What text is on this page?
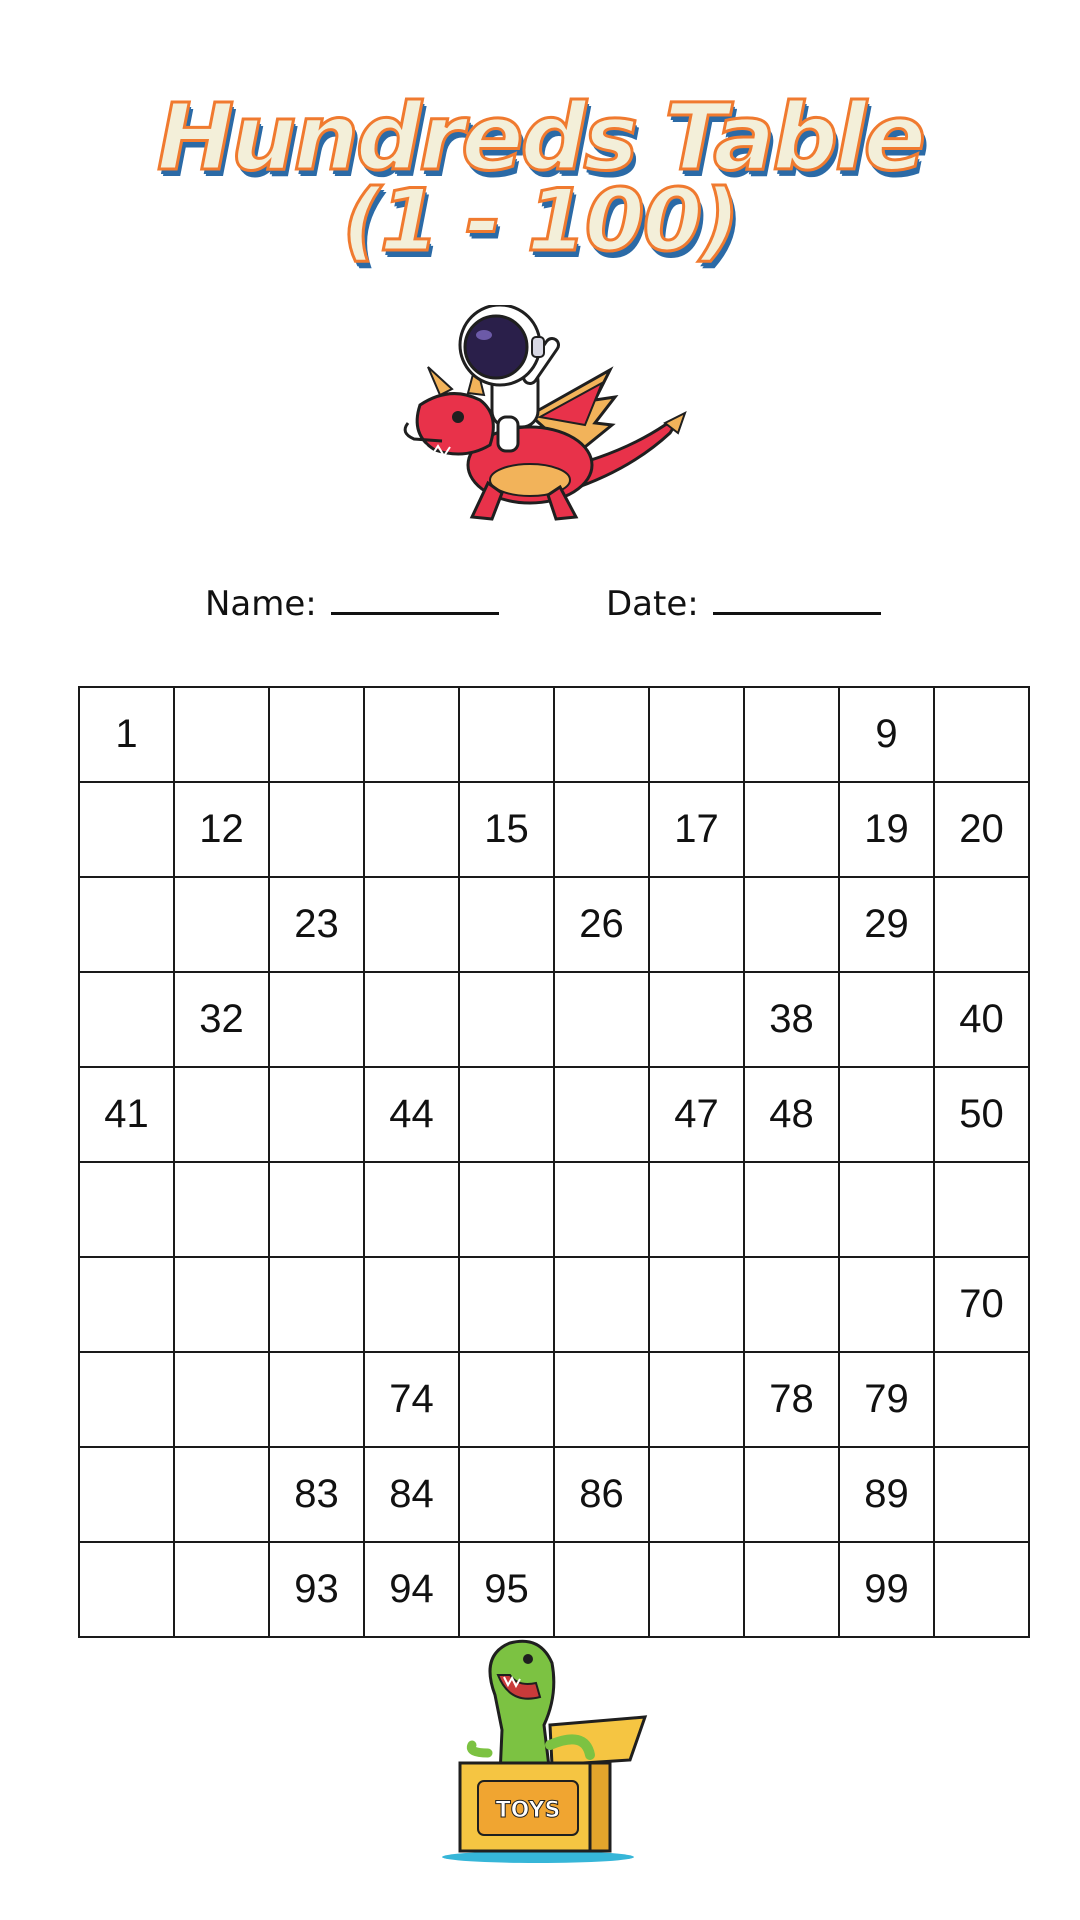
Hundreds Table
(1 - 100)
Name:	Date:
1								9	
	12			15		17		19	20
		23			26			29	
	32						38		40
41			44			47	48		50

									70
			74				78	79	
		83	84		86			89	
		93	94	95				99	
TOYS
